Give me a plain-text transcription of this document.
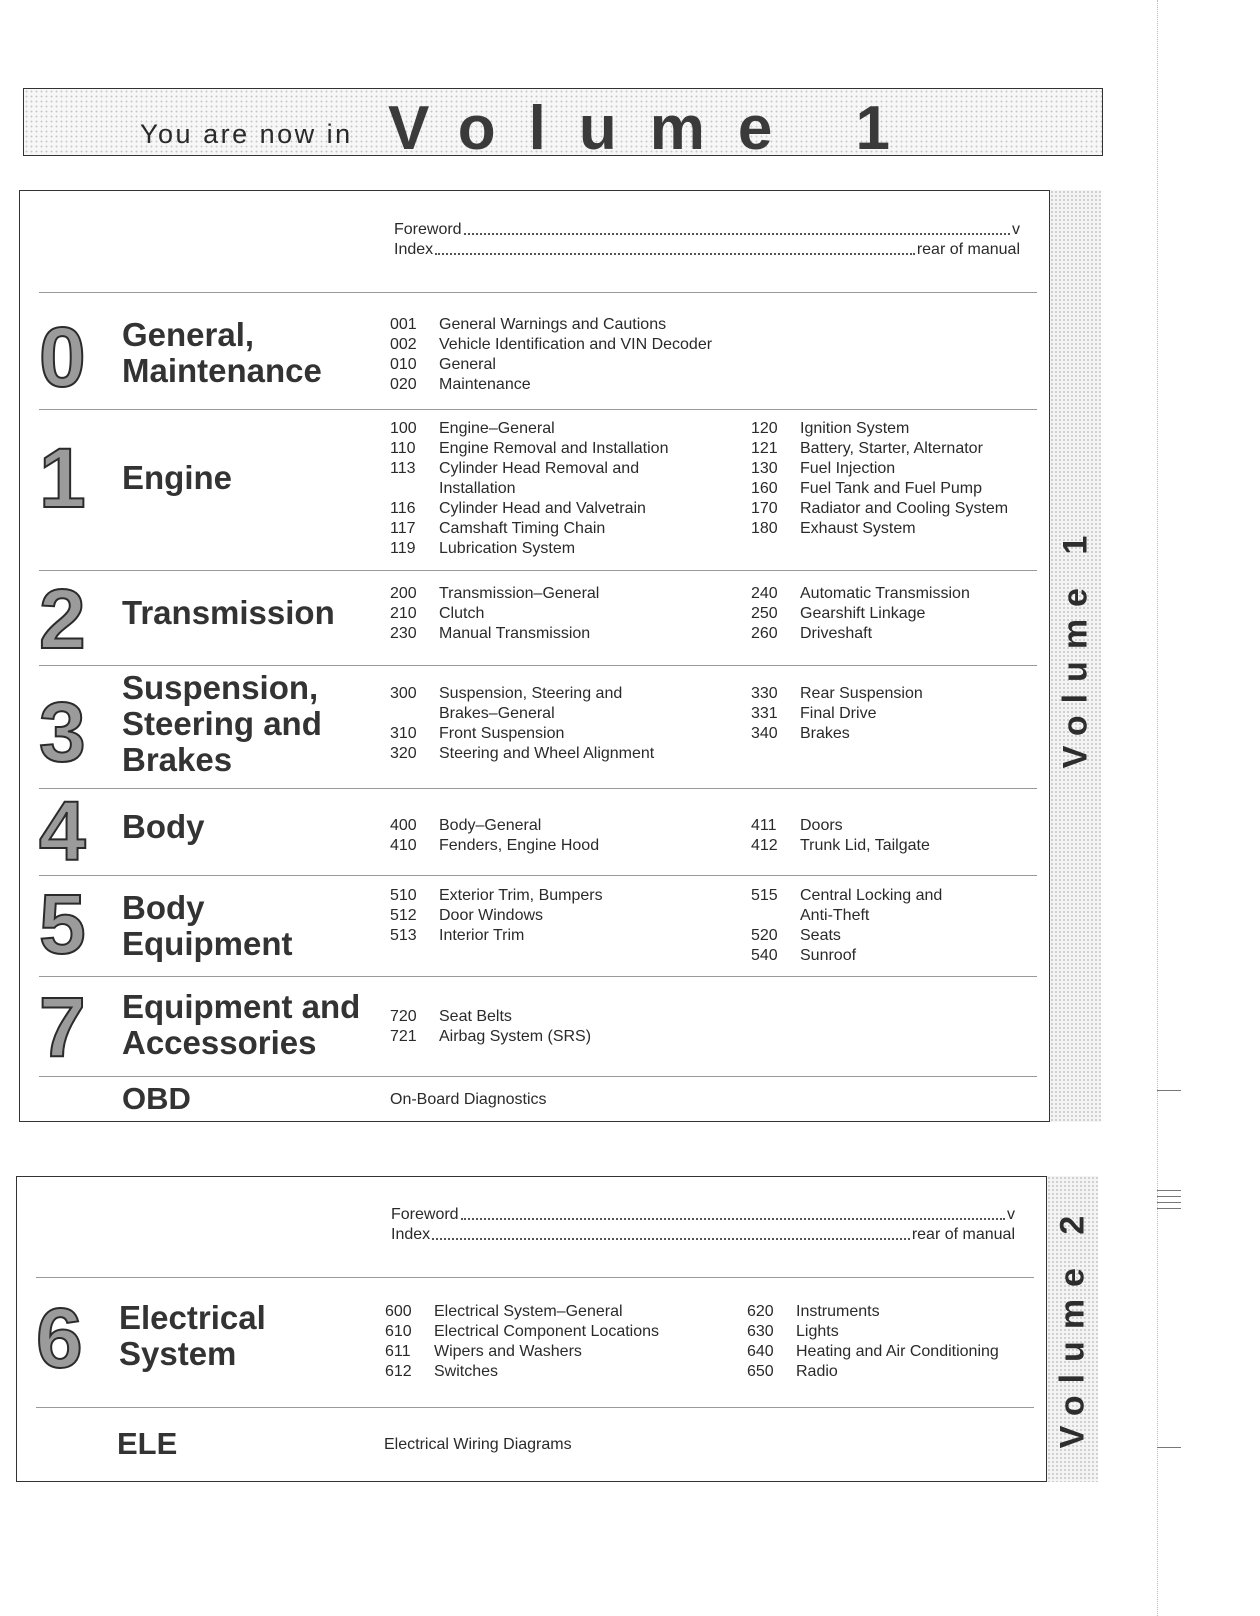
You are now in Volume 1
Foreword	v
Index	rear of manual
0 General,
Maintenance
001	General Warnings and Cautions
002	Vehicle Identification and VIN Decoder
010	General
020	Maintenance
1 Engine
100	Engine–General
110	Engine Removal and Installation
113	Cylinder Head Removal and
Installation
116	Cylinder Head and Valvetrain
117	Camshaft Timing Chain
119	Lubrication System
120	Ignition System
121	Battery, Starter, Alternator
130	Fuel Injection
160	Fuel Tank and Fuel Pump
170	Radiator and Cooling System
180	Exhaust System
2 Transmission
200	Transmission–General
210	Clutch
230	Manual Transmission
240	Automatic Transmission
250	Gearshift Linkage
260	Driveshaft
3 Suspension,
Steering and
Brakes
300	Suspension, Steering and
Brakes–General
310	Front Suspension
320	Steering and Wheel Alignment
330	Rear Suspension
331	Final Drive
340	Brakes
4 Body	400	Body–General
410	Fenders, Engine Hood
411	Doors
412	Trunk Lid, Tailgate
5 Body
Equipment
510	Exterior Trim, Bumpers
512	Door Windows
513	Interior Trim
515	Central Locking and
Anti-Theft
520	Seats
540	Sunroof
7 Equipment and
Accessories
720	Seat Belts
721	Airbag System (SRS)
OBD	On-Board Diagnostics
Volume 1
Foreword	v
Index	rear of manual
6 Electrical
System
600	Electrical System–General
610	Electrical Component Locations
611	Wipers and Washers
612	Switches
620	Instruments
630	Lights
640	Heating and Air Conditioning
650	Radio
ELE	Electrical Wiring Diagrams	Volume 2
